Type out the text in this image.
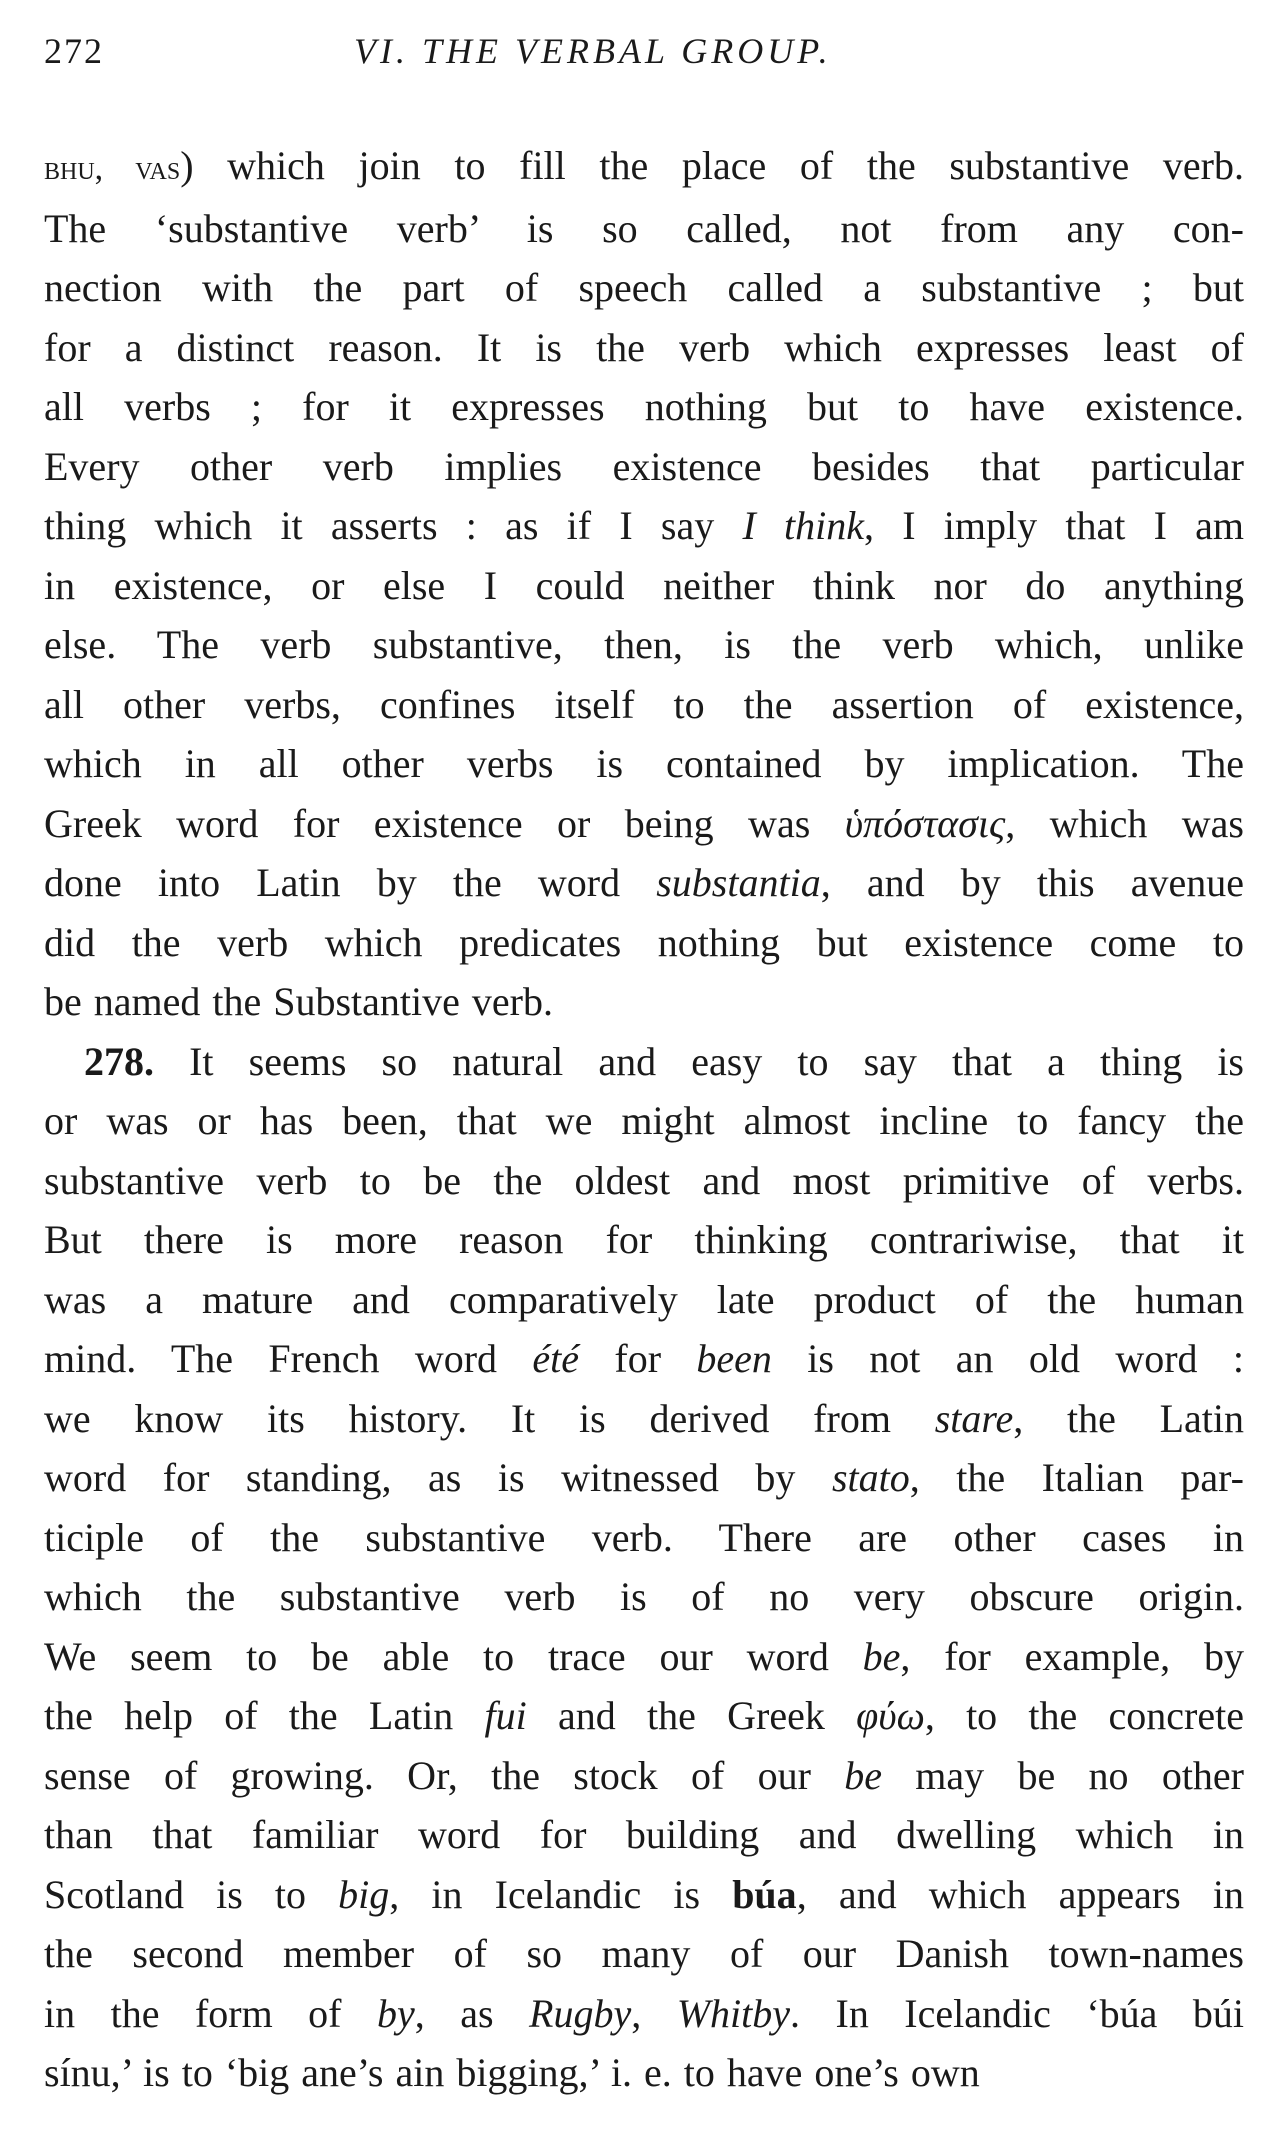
272	VI. THE VERBAL GROUP.

bhu, vas) which join to fill the place of the substantive verb.
The ‘substantive verb’ is so called, not from any con-
nection with the part of speech called a substantive ; but
for a distinct reason. It is the verb which expresses least of
all verbs ; for it expresses nothing but to have existence.
Every other verb implies existence besides that particular
thing which it asserts : as if I say I think, I imply that I am
in existence, or else I could neither think nor do anything
else. The verb substantive, then, is the verb which, unlike
all other verbs, confines itself to the assertion of existence,
which in all other verbs is contained by implication. The
Greek word for existence or being was ὑπόστασις, which was
done into Latin by the word substantia, and by this avenue
did the verb which predicates nothing but existence come to
be named the Substantive verb.

278. It seems so natural and easy to say that a thing is
or was or has been, that we might almost incline to fancy the
substantive verb to be the oldest and most primitive of verbs.
But there is more reason for thinking contrariwise, that it
was a mature and comparatively late product of the human
mind. The French word été for been is not an old word :
we know its history. It is derived from stare, the Latin
word for standing, as is witnessed by stato, the Italian par-
ticiple of the substantive verb. There are other cases in
which the substantive verb is of no very obscure origin.
We seem to be able to trace our word be, for example, by
the help of the Latin fui and the Greek φύω, to the concrete
sense of growing. Or, the stock of our be may be no other
than that familiar word for building and dwelling which in
Scotland is to big, in Icelandic is búa, and which appears in
the second member of so many of our Danish town-names
in the form of by, as Rugby, Whitby. In Icelandic ‘búa búi
sínu,’ is to ‘big ane’s ain bigging,’ i. e. to have one’s own
